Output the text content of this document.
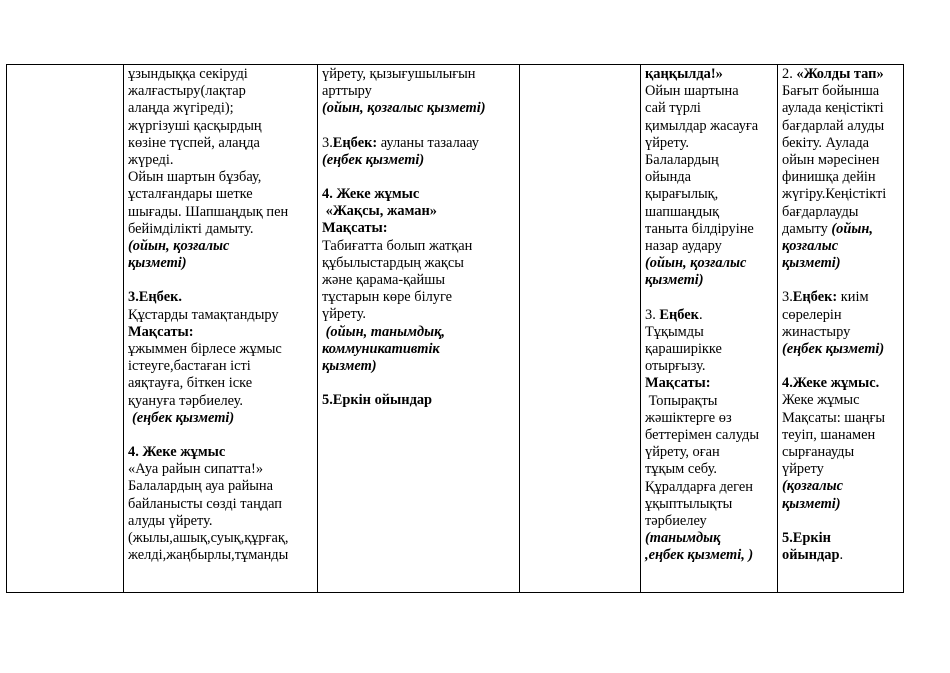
ұзындыққа секіруді

жалғастыру(лақтар

алаңда жүгіреді);

жүргізуші қасқырдың

көзіне түспей, алаңда

жүреді.

Ойын шартын бұзбау,

ұсталғандары шетке

шығады. Шапшаңдық пен

бейімділікті дамыту.

(ойын, қозғалыс

қызметі)

3.Еңбек.

Құстарды тамақтандыру

Мақсаты:

ұжыммен бірлесе жұмыс

істеуге,бастаған істі

аяқтауға, біткен іске

қуануға тәрбиелеу.

(еңбек қызметі)

4. Жеке жұмыс

«Ауа райын сипатта!»

Балалардың ауа райына

байланысты сөзді таңдап

алуды үйрету.

(жылы,ашық,суық,құрғақ,

желді,жаңбырлы,тұманды

үйрету, қызығушылығын

арттыру

(ойын, қозғалыс қызметі)

3.Еңбек: ауланы тазалаау

(еңбек қызметі)

4. Жеке жұмыс

«Жақсы, жаман»

Мақсаты:

Табиғатта болып жатқан

құбылыстардың жақсы

және қарама-қайшы

тұстарын көре білуге

үйрету.

(ойын, танымдық,

коммуникативтік

қызмет)

5.Еркін ойындар

қаңқылда!»

Ойын шартына

сай түрлі

қимылдар жасауға

үйрету.

Балалардың

ойында

қырағылық,

шапшаңдық

таныта білдіруіне

назар аудару

(ойын, қозғалыс

қызметі)

3. Еңбек.

Тұқымды

қараширікке

отырғызу.

Мақсаты:

Топырақты

жәшіктерге өз

беттерімен салуды

үйрету, оған

тұқым себу.

Құралдарға деген

ұқыптылықты

тәрбиелеу

(танымдық

,еңбек қызметі, )

2. «Жолды тап»

Бағыт бойынша

аулада кеңістікті

бағдарлай алуды

бекіту. Аулада

ойын мәресінен

финишқа дейін

жүгіру.Кеңістікті

бағдарлауды

дамыту (ойын,

қозғалыс

қызметі)

3.Еңбек: киім

сөрелерін

жинастыру

(еңбек қызметі)

4.Жеке жұмыс.

Жеке жұмыс

Мақсаты: шаңғы

теуіп, шанамен

сырғанауды

үйрету

(қозғалыс

қызметі)

5.Еркін

ойындар.
